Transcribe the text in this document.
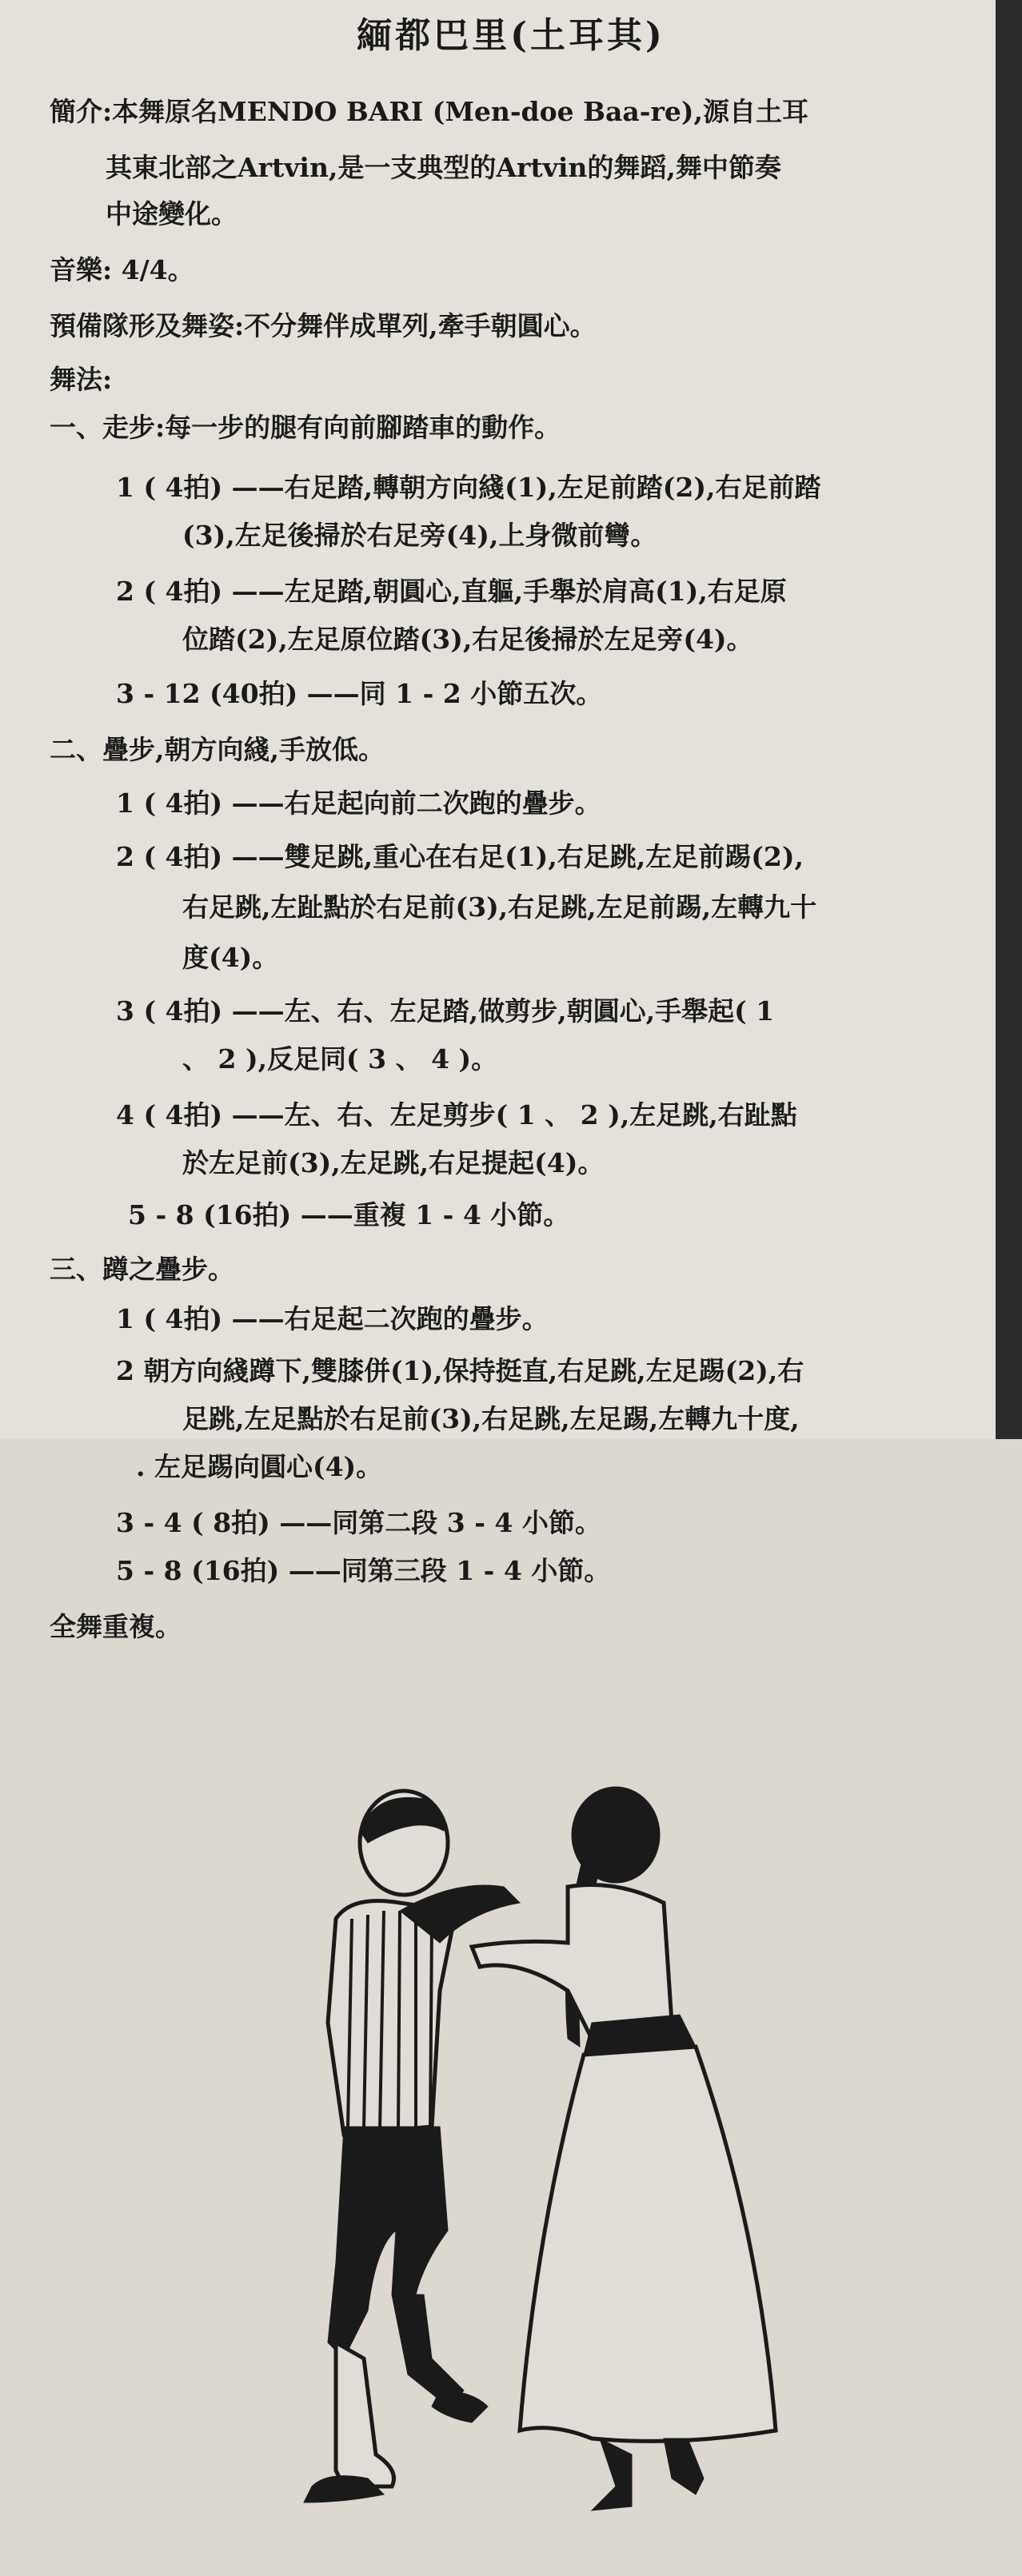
緬都巴里(土耳其)
簡介:本舞原名MENDO BARI (Men-doe Baa-re),源自土耳
其東北部之Artvin,是一支典型的Artvin的舞蹈,舞中節奏
中途變化。
音樂: 4/4。
預備隊形及舞姿:不分舞伴成單列,牽手朝圓心。
舞法:
一、走步:每一步的腿有向前腳踏車的動作。
1 ( 4拍) ——右足踏,轉朝方向綫(1),左足前踏(2),右足前踏
(3),左足後掃於右足旁(4),上身微前彎。
2 ( 4拍) ——左足踏,朝圓心,直軀,手舉於肩高(1),右足原
位踏(2),左足原位踏(3),右足後掃於左足旁(4)。
3 - 12 (40拍) ——同 1 - 2 小節五次。
二、疊步,朝方向綫,手放低。
1 ( 4拍) ——右足起向前二次跑的疊步。
2 ( 4拍) ——雙足跳,重心在右足(1),右足跳,左足前踢(2),
右足跳,左趾點於右足前(3),右足跳,左足前踢,左轉九十
度(4)。
3 ( 4拍) ——左、右、左足踏,做剪步,朝圓心,手舉起( 1
、 2 ),反足同( 3 、 4 )。
4 ( 4拍) ——左、右、左足剪步( 1 、 2 ),左足跳,右趾點
於左足前(3),左足跳,右足提起(4)。
5 - 8 (16拍) ——重複 1 - 4 小節。
三、蹲之疊步。
1 ( 4拍) ——右足起二次跑的疊步。
2 朝方向綫蹲下,雙膝併(1),保持挺直,右足跳,左足踢(2),右
足跳,左足點於右足前(3),右足跳,左足踢,左轉九十度,
. 左足踢向圓心(4)。
3 - 4 ( 8拍) ——同第二段 3 - 4 小節。
5 - 8 (16拍) ——同第三段 1 - 4 小節。
全舞重複。
